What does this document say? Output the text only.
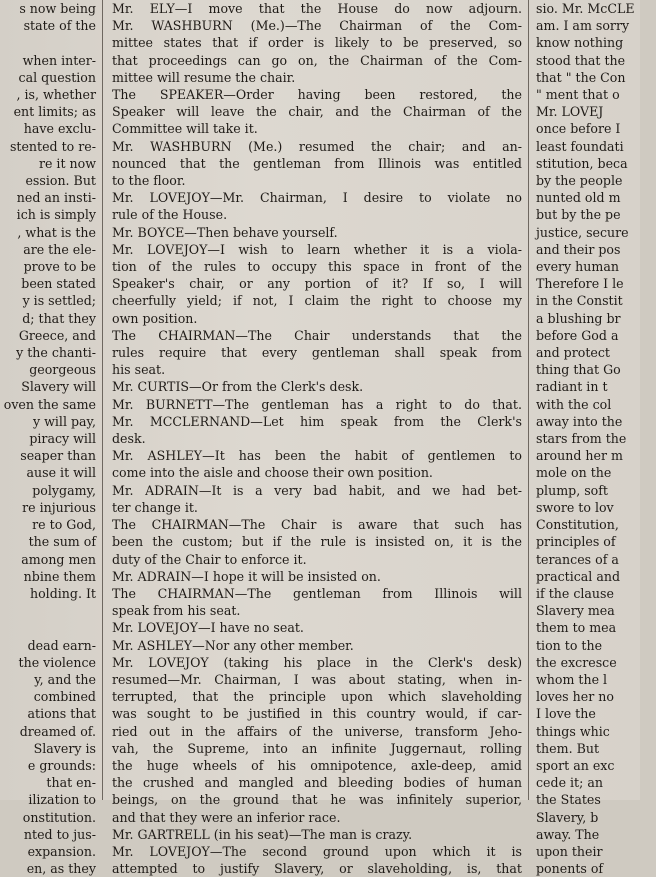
s now being
state of the

when inter-
cal question
, is, whether
ent limits; as
have exclu-
stented to re-
re it now
ession. But
ned an insti-
ich is simply
, what is the
are the ele-
prove to be
been stated
y is settled;
d; that they
Greece, and
y the chanti-
georgeous
Slavery will
oven the same
y will pay,
piracy will
seaper than
ause it will
polygamy,
re injurious
re to God,
the sum of
among men
nbine them
holding. It

dead earn-
the violence
y, and the
combined
ations that
dreamed of.
Slavery is
e grounds:
that en-
ilization to
onstitution.
nted to jus-
expansion.
en, as they
Mr. ELY—I move that the House do now adjourn.
Mr. WASHBURN (Me.)—The Chairman of the Com-
mittee states that if order is likely to be preserved, so
that proceedings can go on, the Chairman of the Com-
mittee will resume the chair.
The SPEAKER—Order having been restored, the
Speaker will leave the chair, and the Chairman of the
Committee will take it.
Mr. WASHBURN (Me.) resumed the chair; and an-
nounced that the gentleman from Illinois was entitled
to the floor.
Mr. LOVEJOY—Mr. Chairman, I desire to violate no
rule of the House.
Mr. BOYCE—Then behave yourself.
Mr. LOVEJOY—I wish to learn whether it is a viola-
tion of the rules to occupy this space in front of the
Speaker's chair, or any portion of it? If so, I will
cheerfully yield; if not, I claim the right to choose my
own position.
The CHAIRMAN—The Chair understands that the
rules require that every gentleman shall speak from
his seat.
Mr. CURTIS—Or from the Clerk's desk.
Mr. BURNETT—The gentleman has a right to do that.
Mr. MCCLERNAND—Let him speak from the Clerk's
desk.
Mr. ASHLEY—It has been the habit of gentlemen to
come into the aisle and choose their own position.
Mr. ADRAIN—It is a very bad habit, and we had bet-
ter change it.
The CHAIRMAN—The Chair is aware that such has
been the custom; but if the rule is insisted on, it is the
duty of the Chair to enforce it.
Mr. ADRAIN—I hope it will be insisted on.
The CHAIRMAN—The gentleman from Illinois will
speak from his seat.
Mr. LOVEJOY—I have no seat.
Mr. ASHLEY—Nor any other member.
Mr. LOVEJOY (taking his place in the Clerk's desk)
resumed—Mr. Chairman, I was about stating, when in-
terrupted, that the principle upon which slaveholding
was sought to be justified in this country would, if car-
ried out in the affairs of the universe, transform Jeho-
vah, the Supreme, into an infinite Juggernaut, rolling
the huge wheels of his omnipotence, axle-deep, amid
the crushed and mangled and bleeding bodies of human
beings, on the ground that he was infinitely superior,
and that they were an inferior race.
Mr. GARTRELL (in his seat)—The man is crazy.
Mr. LOVEJOY—The second ground upon which it is
attempted to justify Slavery, or slaveholding, is, that
sio. Mr. McCLE
am. I am sorry
know nothing
stood that the
that " the Con
" ment that o
Mr. LOVEJ
once before I
least foundati
stitution, beca
by the people
nunted old m
but by the pe
justice, secure
and their pos
every human
Therefore I le
in the Constit
a blushing br
before God a
and protect
thing that Go
radiant in t
with the col
away into the
stars from the
around her m
mole on the
plump, soft
swore to lov
Constitution,
principles of
terances of a
practical and
if the clause
Slavery mea
them to mea
tion to the
the excresce
whom the l
loves her no
I love the
things whic
them. But
sport an exc
cede it; an
the States
Slavery, b
away. The
upon their
ponents of
